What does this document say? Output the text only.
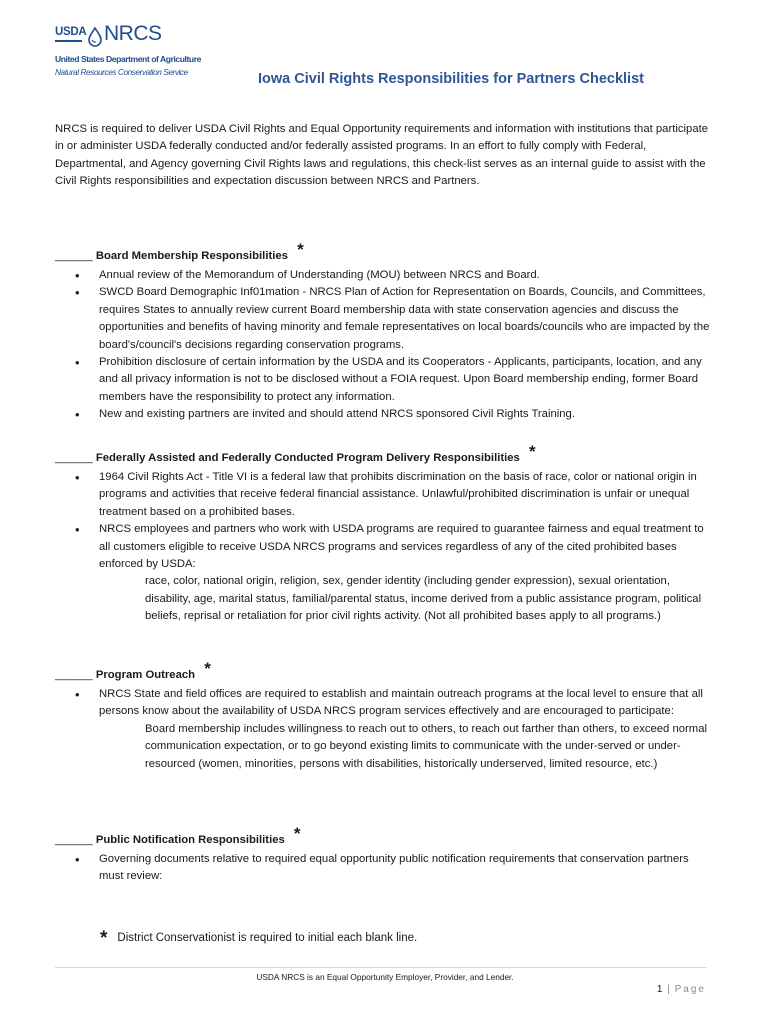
USDA NRCS
United States Department of Agriculture
Natural Resources Conservation Service	Iowa Civil Rights Responsibilities for Partners Checklist

NRCS is required to deliver USDA Civil Rights and Equal Opportunity requirements and information with institutions that participate in or administer USDA federally conducted and/or federally assisted programs. In an effort to fully comply with Federal, Departmental, and Agency governing Civil Rights laws and regulations, this check-list serves as an internal guide to assist with the Civil Rights responsibilities and expectation discussion between NRCS and Partners.

______ Board Membership Responsibilities *

• Annual review of the Memorandum of Understanding (MOU) between NRCS and Board.
• SWCD Board Demographic Inf01mation - NRCS Plan of Action for Representation on Boards, Councils, and Committees, requires States to annually review current Board membership data with state conservation agencies and discuss the opportunities and benefits of having minority and female representatives on local boards/councils who are impacted by the board's/council's decisions regarding conservation programs.
• Prohibition disclosure of certain information by the USDA and its Cooperators - Applicants, participants, location, and any and all privacy information is not to be disclosed without a FOIA request. Upon Board membership ending, former Board members have the responsibility to protect any information.
• New and existing partners are invited and should attend NRCS sponsored Civil Rights Training.

______ Federally Assisted and Federally Conducted Program Delivery Responsibilities *

• 1964 Civil Rights Act - Title VI is a federal law that prohibits discrimination on the basis of race, color or national origin in programs and activities that receive federal financial assistance. Unlawful/prohibited discrimination is unfair or unequal treatment based on a prohibited bases.
• NRCS employees and partners who work with USDA programs are required to guarantee fairness and equal treatment to all customers eligible to receive USDA NRCS programs and services regardless of any of the cited prohibited bases enforced by USDA:

race, color, national origin, religion, sex, gender identity (including gender expression), sexual orientation, disability, age, marital status, familial/parental status, income derived from a public assistance program, political beliefs, reprisal or retaliation for prior civil rights activity. (Not all prohibited bases apply to all programs.)

______ Program Outreach *

• NRCS State and field offices are required to establish and maintain outreach programs at the local level to ensure that all persons know about the availability of USDA NRCS program services effectively and are encouraged to participate:

Board membership includes willingness to reach out to others, to reach out farther than others, to exceed normal communication expectation, or to go beyond existing limits to communicate with the under-served or under-resourced (women, minorities, persons with disabilities, historically underserved, limited resource, etc.)

______ Public Notification Responsibilities *

• Governing documents relative to required equal opportunity public notification requirements that conservation partners must review:
* District Conservationist is required to initial each blank line.
USDA NRCS is an Equal Opportunity Employer, Provider, and Lender.
1 | Page
